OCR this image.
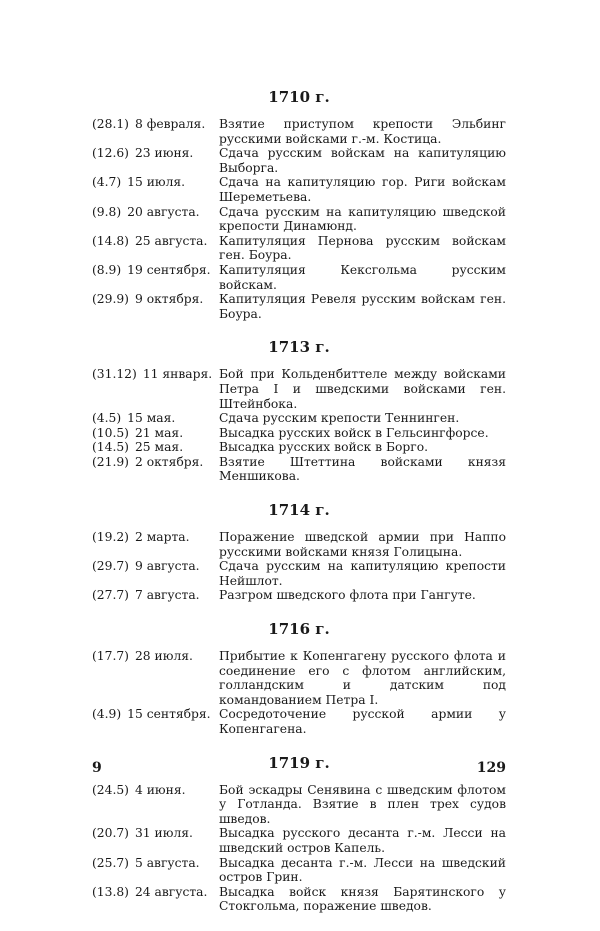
1710 г.
(28.1) 8 февраля.	Взятие приступом крепости Эльбинг русскими войсками г.-м. Костица.
(12.6) 23 июня.	Сдача русским войскам на капитуляцию Выборга.
(4.7) 15 июля.	Сдача на капитуляцию гор. Риги войскам Шереметьева.
(9.8) 20 августа.	Сдача русским на капитуляцию шведской крепости Динамюнд.
(14.8) 25 августа. Капитуляция Пернова русским войскам ген. Боура.
(8.9) 19 сентября. Капитуляция Кексгольма русским войскам.
(29.9) 9 октября.	Капитуляция Ревеля русским войскам ген. Боура.
1713 г.
(31.12) 11 января. Бой при Кольденбиттеле между войсками Петра I и шведскими войсками ген. Штейнбока.
(4.5) 15 мая.	Сдача русским крепости Теннинген.
(10.5) 21 мая.	Высадка русских войск в Гельсингфорсе.
(14.5) 25 мая.	Высадка русских войск в Борго.
(21.9) 2 октября.	Взятие Штеттина войсками князя Меншикова.
1714 г.
(19.2) 2 марта.	Поражение шведской армии при Наппо русскими войсками князя Голицына.
(29.7) 9 августа.	Сдача русским на капитуляцию крепости Нейшлот.
(27.7) 7 августа.	Разгром шведского флота при Гангуте.
1716 г.
(17.7) 28 июля.	Прибытие к Копенгагену русского флота и соединение его с флотом английским, голландским и датским под командованием Петра I.
(4.9) 15 сентября. Сосредоточение русской армии у Копенгагена.
1719 г.
(24.5) 4 июня.	Бой эскадры Сенявина с шведским флотом у Готланда. Взятие в плен трех судов шведов.
(20.7) 31 июля.	Высадка русского десанта г.-м. Лесси на шведский остров Капель.
(25.7) 5 августа.	Высадка десанта г.-м. Лесси на шведский остров Грин.
(13.8) 24 августа. Высадка войск князя Барятинского у Стокгольма, поражение шведов.
9	129
